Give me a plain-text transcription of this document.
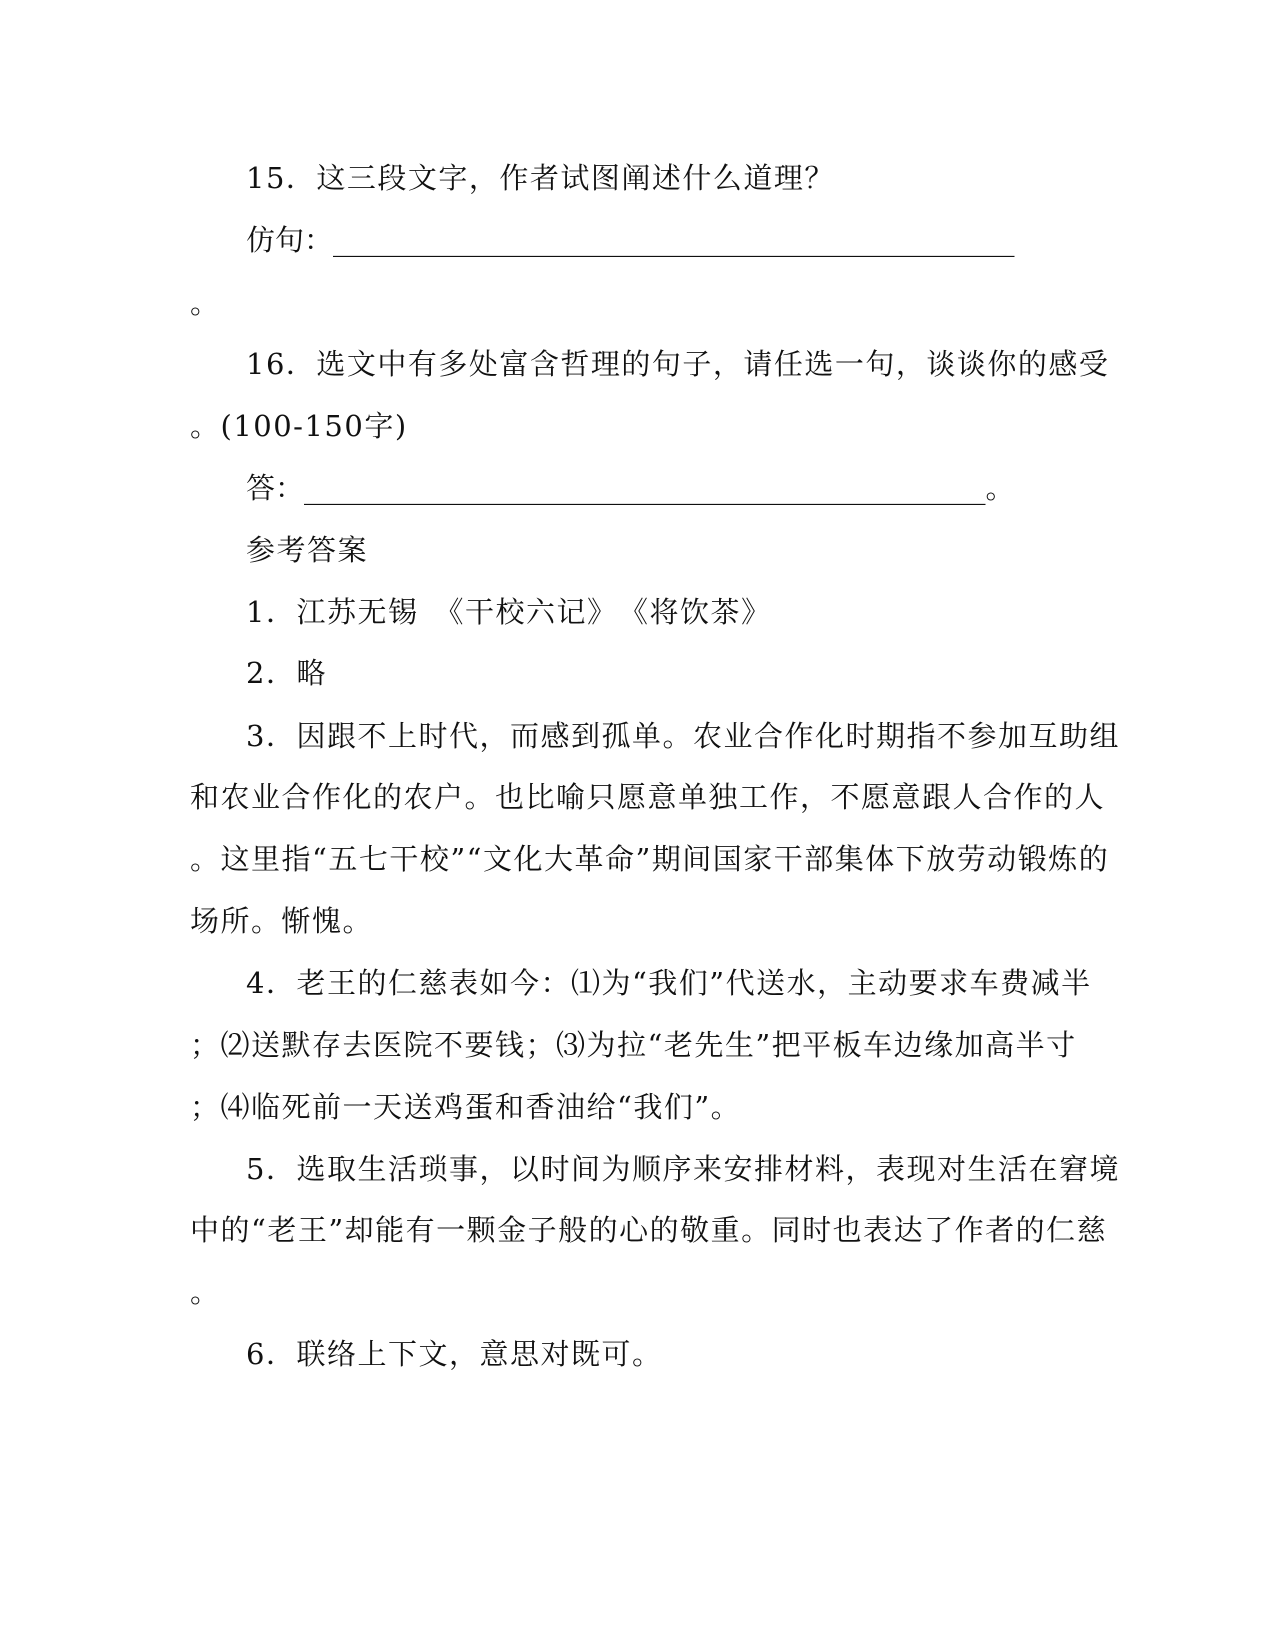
15．这三段文字，作者试图阐述什么道理？
仿句：_______________________________________________
。
16．选文中有多处富含哲理的句子，请任选一句，谈谈你的感受
。(100-150字)
答：_______________________________________________。
参考答案
1．江苏无锡　《干校六记》　《将饮茶》
2．略
3．因跟不上时代，而感到孤单。农业合作化时期指不参加互助组
和农业合作化的农户。也比喻只愿意单独工作，不愿意跟人合作的人
。这里指“五七干校”“文化大革命”期间国家干部集体下放劳动锻炼的
场所。惭愧。
4．老王的仁慈表如今：⑴为“我们”代送水，主动要求车费减半
；⑵送默存去医院不要钱；⑶为拉“老先生”把平板车边缘加高半寸
；⑷临死前一天送鸡蛋和香油给“我们”。
5．选取生活琐事，以时间为顺序来安排材料，表现对生活在窘境
中的“老王”却能有一颗金子般的心的敬重。同时也表达了作者的仁慈
。
6．联络上下文，意思对既可。
